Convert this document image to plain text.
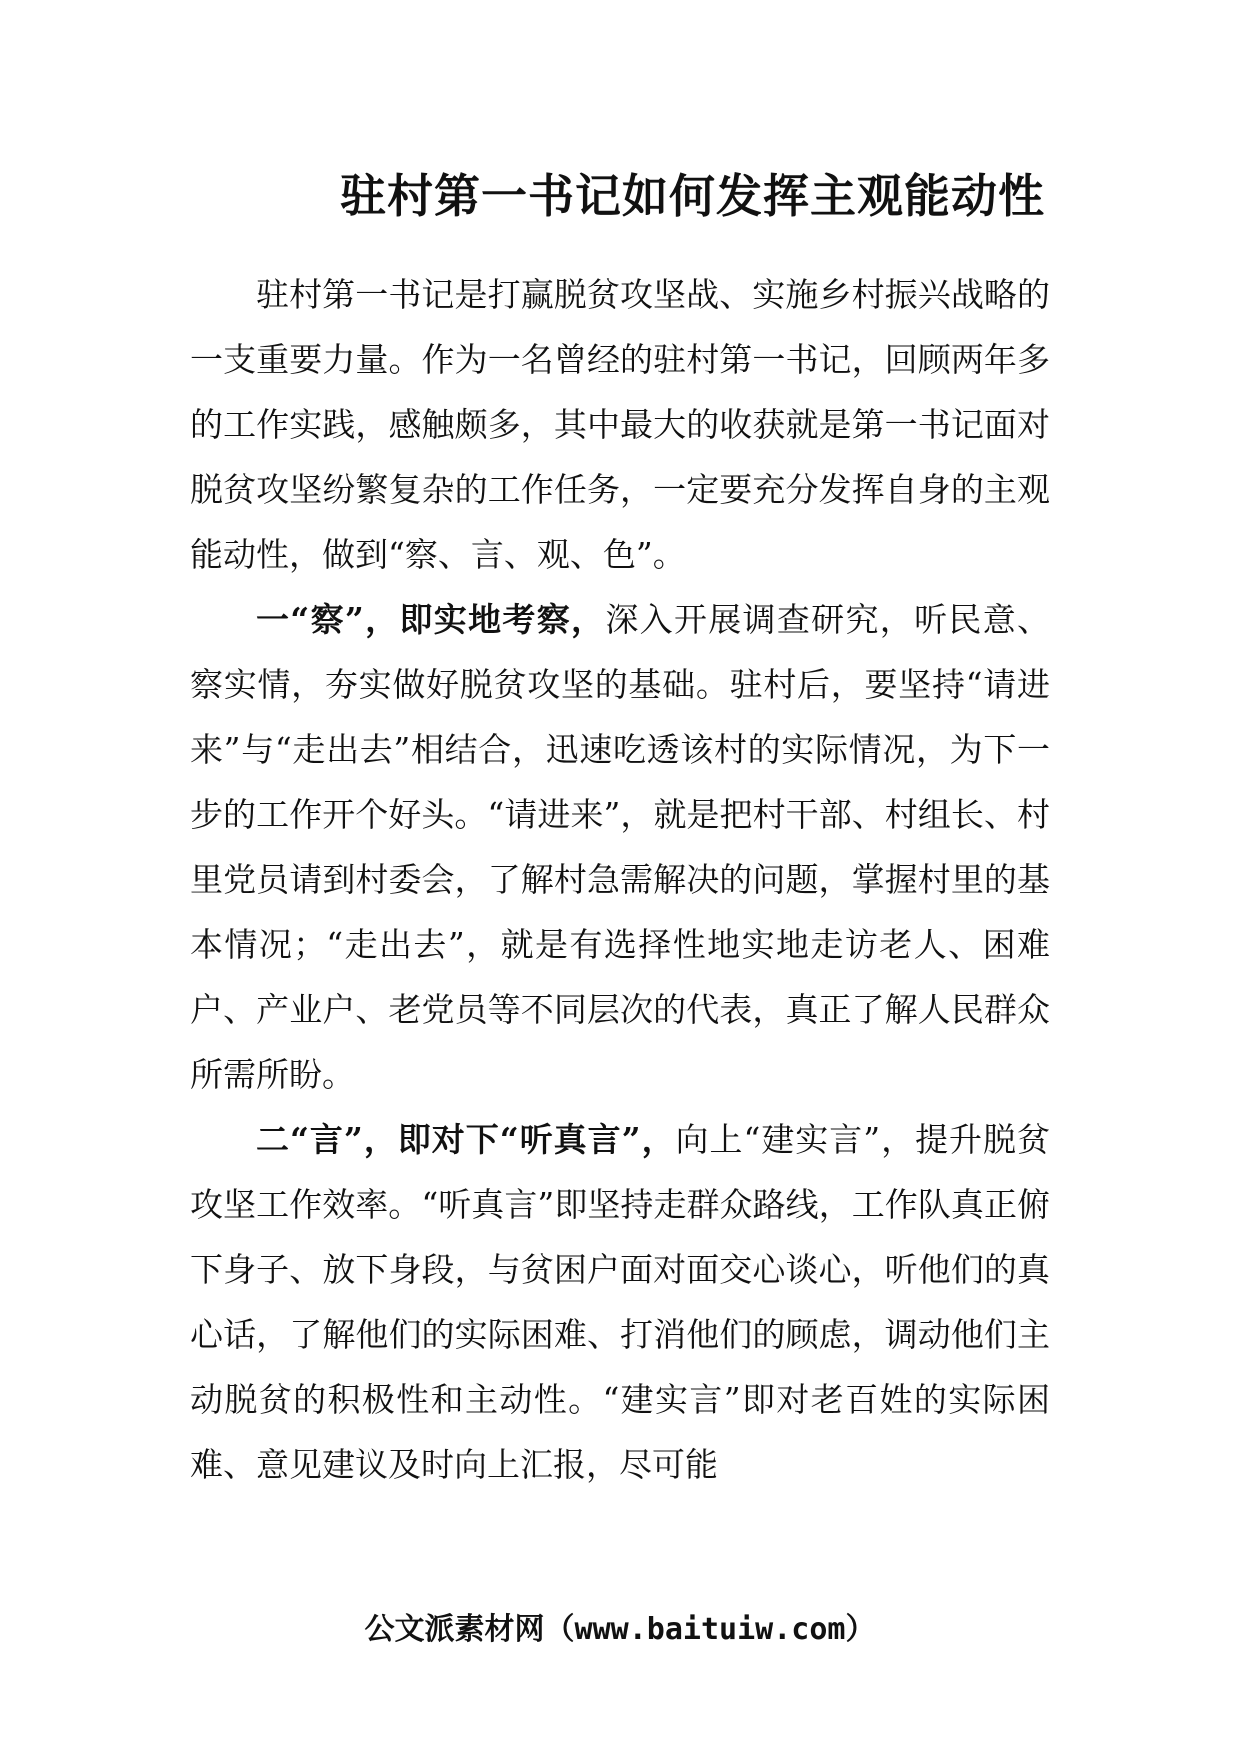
驻村第一书记如何发挥主观能动性

驻村第一书记是打赢脱贫攻坚战、实施乡村振兴战略的一支重要力量。作为一名曾经的驻村第一书记，回顾两年多的工作实践，感触颇多，其中最大的收获就是第一书记面对脱贫攻坚纷繁复杂的工作任务，一定要充分发挥自身的主观能动性，做到“察、言、观、色”。

一“察”，即实地考察，深入开展调查研究，听民意、察实情，夯实做好脱贫攻坚的基础。驻村后，要坚持“请进来”与“走出去”相结合，迅速吃透该村的实际情况，为下一步的工作开个好头。“请进来”，就是把村干部、村组长、村里党员请到村委会，了解村急需解决的问题，掌握村里的基本情况；“走出去”，就是有选择性地实地走访老人、困难户、产业户、老党员等不同层次的代表，真正了解人民群众所需所盼。

二“言”，即对下“听真言”，向上“建实言”，提升脱贫攻坚工作效率。“听真言”即坚持走群众路线，工作队真正俯下身子、放下身段，与贫困户面对面交心谈心，听他们的真心话，了解他们的实际困难、打消他们的顾虑，调动他们主动脱贫的积极性和主动性。“建实言”即对老百姓的实际困难、意见建议及时向上汇报，尽可能

公文派素材网（www.baituiw.com）
